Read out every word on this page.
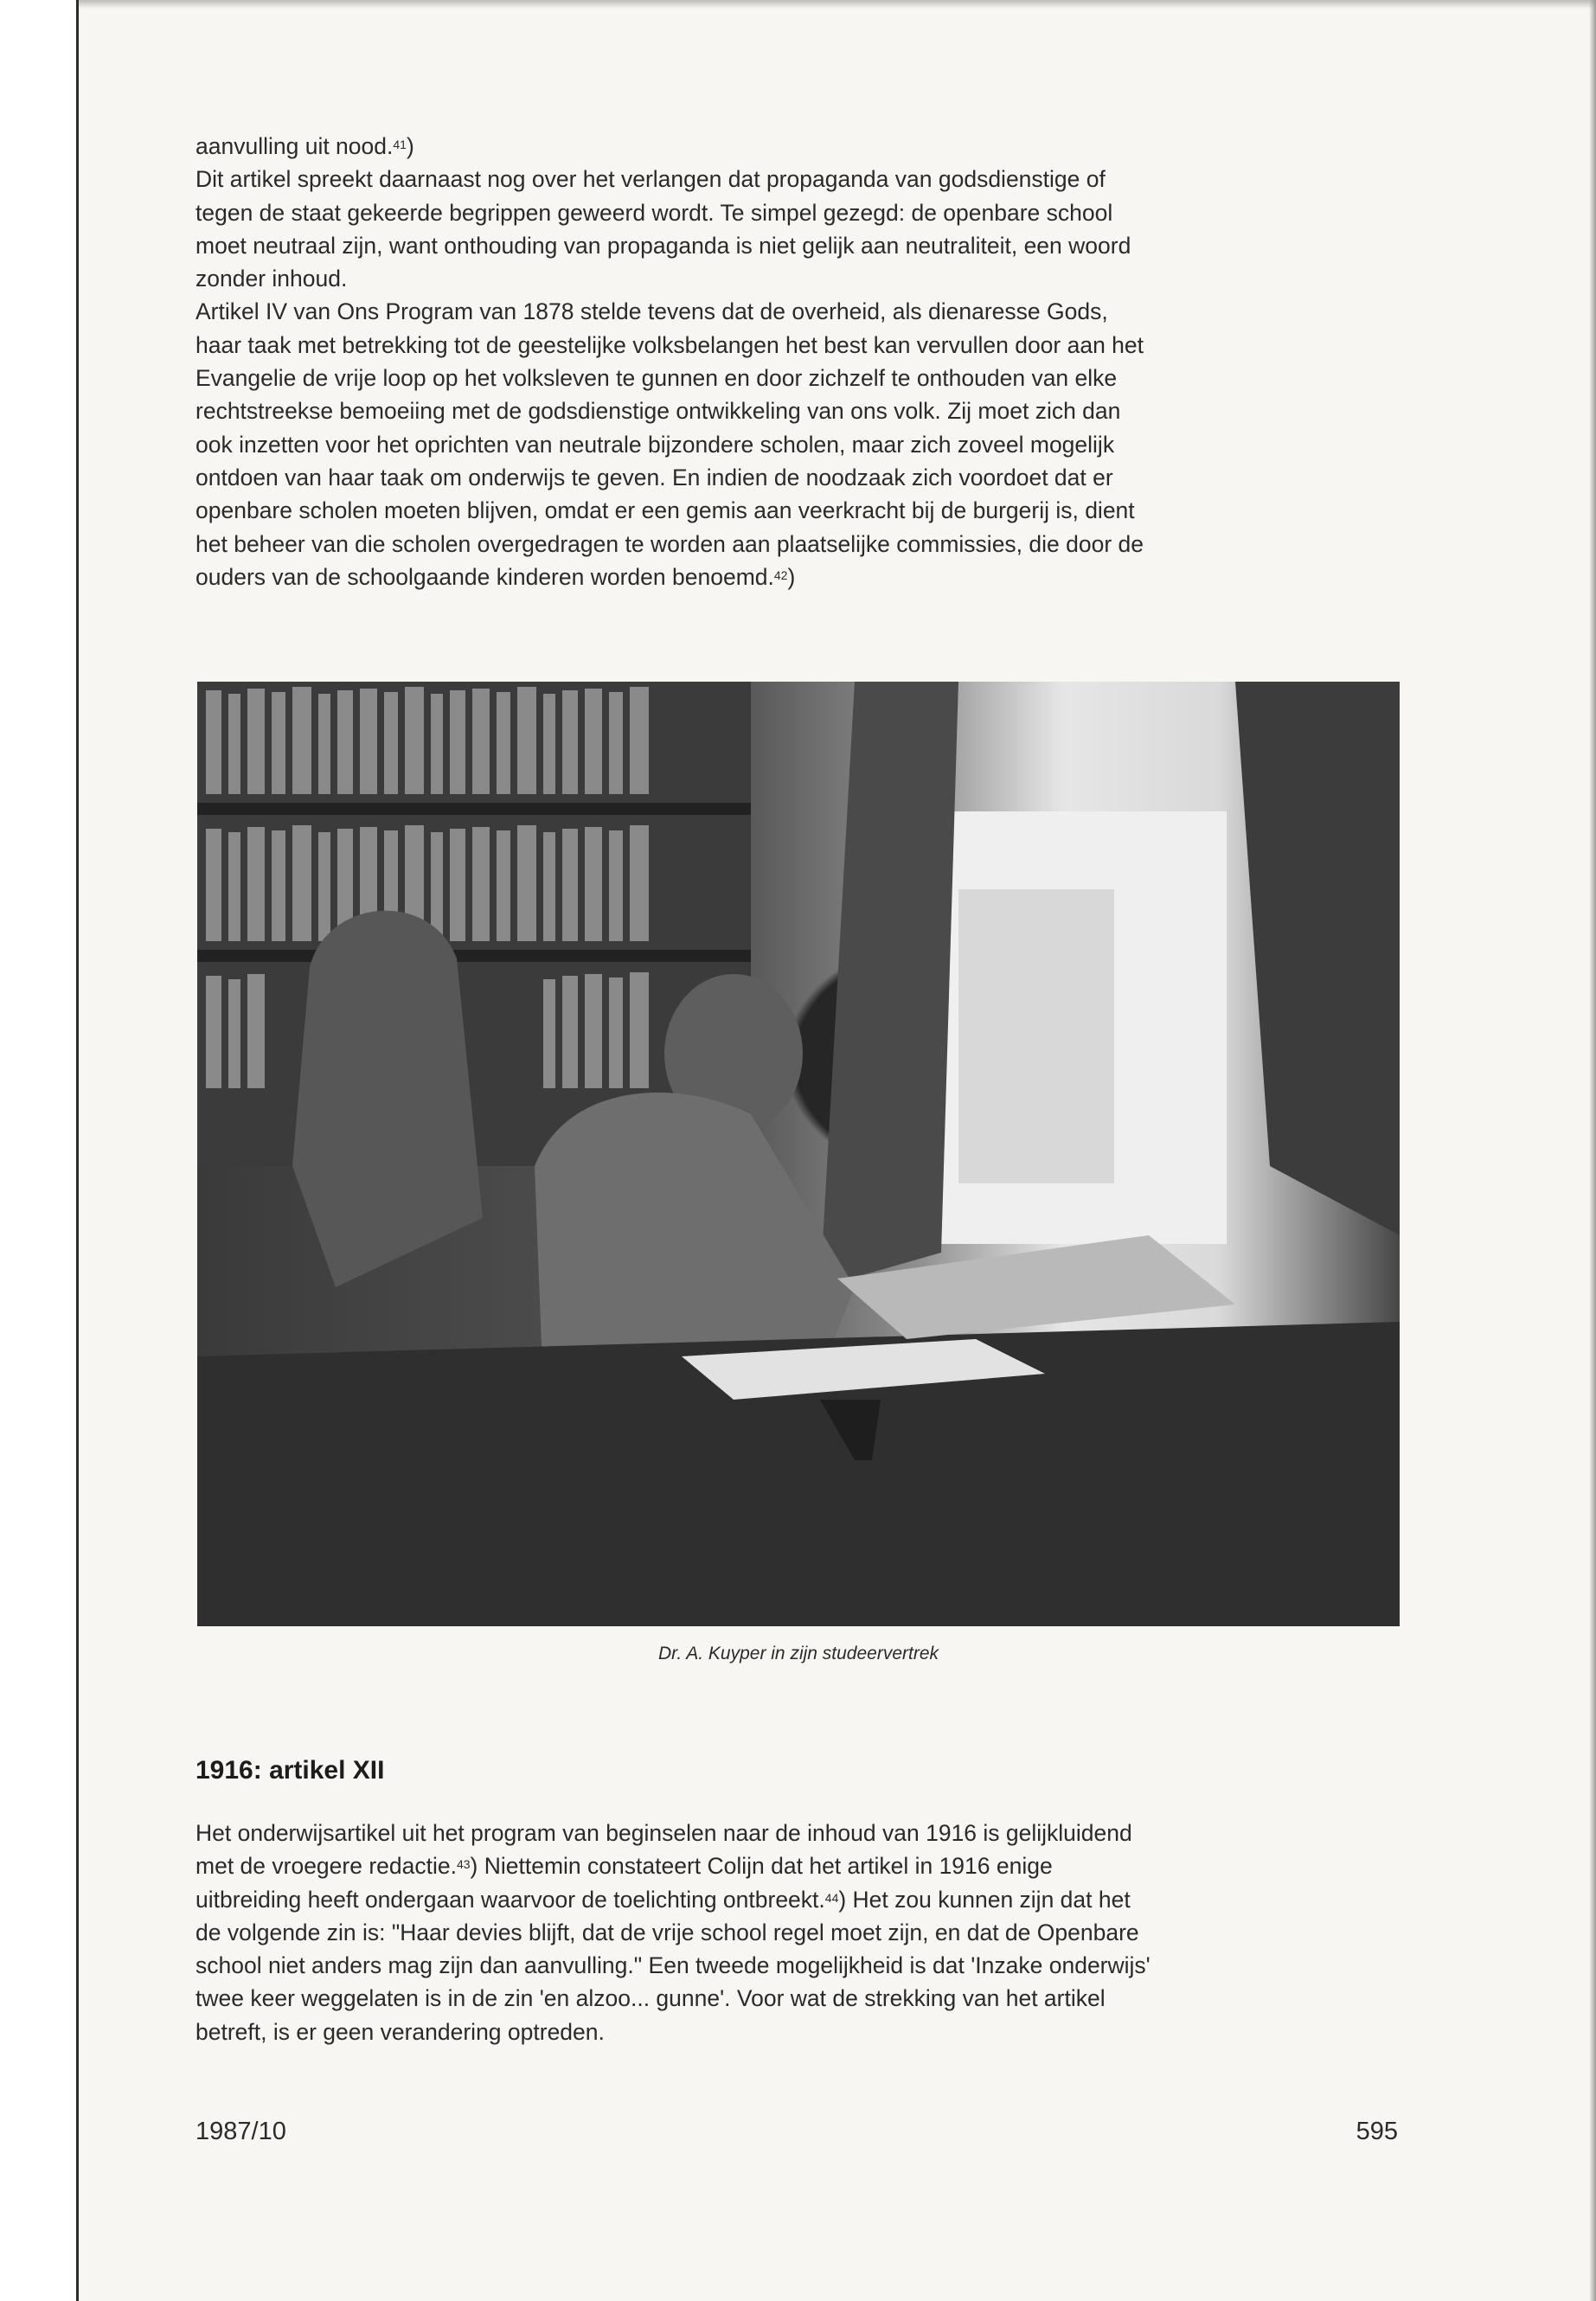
aanvulling uit nood.$^{41}$)
Dit artikel spreekt daarnaast nog over het verlangen dat propaganda van godsdienstige of
tegen de staat gekeerde begrippen geweerd wordt. Te simpel gezegd: de openbare school
moet neutraal zijn, want onthouding van propaganda is niet gelijk aan neutraliteit, een woord
zonder inhoud.
Artikel IV van Ons Program van 1878 stelde tevens dat de overheid, als dienaresse Gods,
haar taak met betrekking tot de geestelijke volksbelangen het best kan vervullen door aan het
Evangelie de vrije loop op het volksleven te gunnen en door zichzelf te onthouden van elke
rechtstreekse bemoeiing met de godsdienstige ontwikkeling van ons volk. Zij moet zich dan
ook inzetten voor het oprichten van neutrale bijzondere scholen, maar zich zoveel mogelijk
ontdoen van haar taak om onderwijs te geven. En indien de noodzaak zich voordoet dat er
openbare scholen moeten blijven, omdat er een gemis aan veerkracht bij de burgerij is, dient
het beheer van die scholen overgedragen te worden aan plaatselijke commissies, die door de
ouders van de schoolgaande kinderen worden benoemd.$^{42}$)
Dr. A. Kuyper in zijn studeervertrek
1916: artikel XII
Het onderwijsartikel uit het program van beginselen naar de inhoud van 1916 is gelijkluidend
met de vroegere redactie.$^{43}$) Niettemin constateert Colijn dat het artikel in 1916 enige
uitbreiding heeft ondergaan waarvoor de toelichting ontbreekt.$^{44}$) Het zou kunnen zijn dat het
de volgende zin is: "Haar devies blijft, dat de vrije school regel moet zijn, en dat de Openbare
school niet anders mag zijn dan aanvulling." Een tweede mogelijkheid is dat 'Inzake onderwijs'
twee keer weggelaten is in de zin 'en alzoo... gunne'. Voor wat de strekking van het artikel
betreft, is er geen verandering optreden.
1987/10	595
